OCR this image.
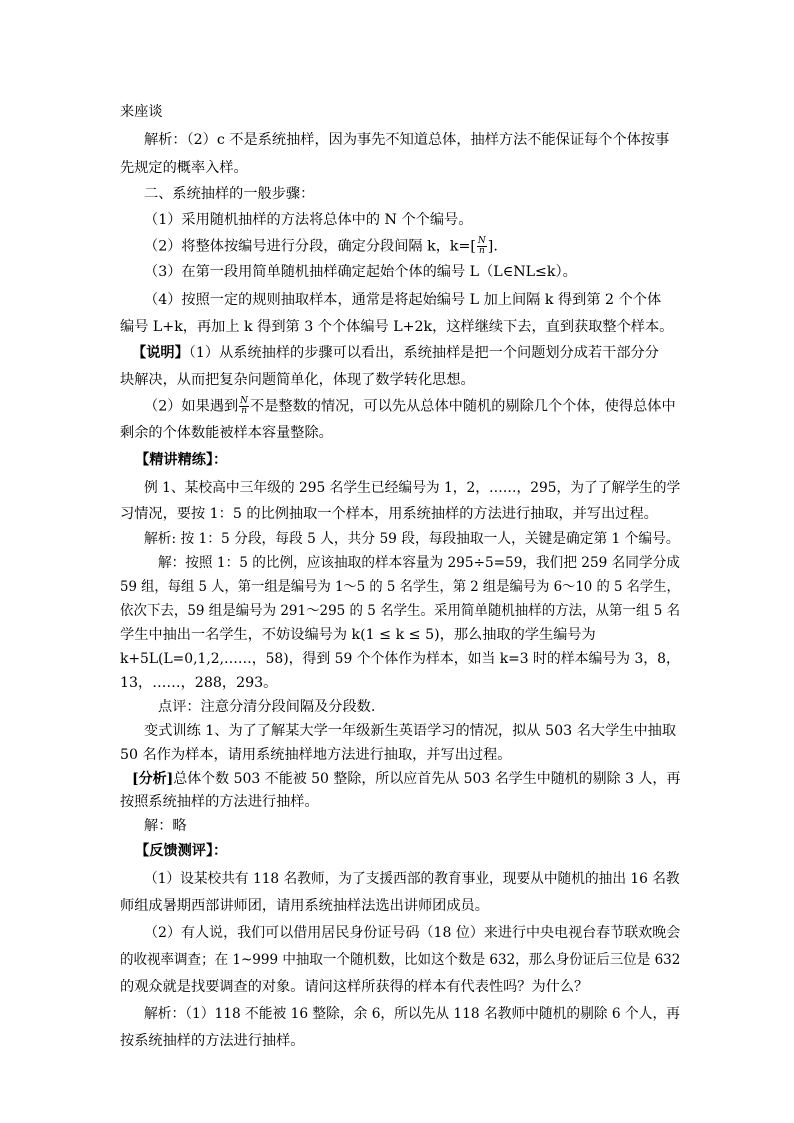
来座谈
解析：（2）c 不是系统抽样，因为事先不知道总体，抽样方法不能保证每个个体按事
先规定的概率入样。
二、系统抽样的一般步骤：
（1）采用随机抽样的方法将总体中的 N 个个编号。
（2）将整体按编号进行分段，确定分段间隔 k，$k=[ \frac{N}{n}$ ].
（3）在第一段用简单随机抽样确定起始个体的编号 L（L∈NL≤k）。
（4）按照一定的规则抽取样本，通常是将起始编号 L 加上间隔 k 得到第 2 个个体
编号 L+k，再加上 k 得到第 3 个个体编号 L+2k，这样继续下去，直到获取整个样本。
【说明】（1）从系统抽样的步骤可以看出，系统抽样是把一个问题划分成若干部分分
块解决，从而把复杂问题简单化，体现了数学转化思想。
（2）如果遇到 $\frac{N}{n}$ 不是整数的情况，可以先从总体中随机的剔除几个个体，使得总体中
剩余的个体数能被样本容量整除。
【精讲精练】：
例 1、某校高中三年级的 295 名学生已经编号为 1，2，……，295，为了了解学生的学
习情况，要按 1：5 的比例抽取一个样本，用系统抽样的方法进行抽取，并写出过程。
解析: 按 1：5 分段，每段 5 人，共分 59 段，每段抽取一人，关键是确定第 1 个编号。
解：按照 1：5 的比例，应该抽取的样本容量为 295÷5=59，我们把 259 名同学分成
59 组，每组 5 人，第一组是编号为 1～5 的 5 名学生，第 2 组是编号为 6～10 的 5 名学生，
依次下去，59 组是编号为 291～295 的 5 名学生。采用简单随机抽样的方法，从第一组 5 名
学生中抽出一名学生，不妨设编号为 k(1 ≤ k ≤ 5)，那么抽取的学生编号为
k+5L(L=0,1,2,……，58)，得到 59 个个体作为样本，如当 k=3 时的样本编号为 3，8，
13，……，288，293。
点评：注意分清分段间隔及分段数.
变式训练 1、为了了解某大学一年级新生英语学习的情况，拟从 503 名大学生中抽取
50 名作为样本，请用系统抽样地方法进行抽取，并写出过程。
[分析]总体个数 503 不能被 50 整除，所以应首先从 503 名学生中随机的剔除 3 人，再
按照系统抽样的方法进行抽样。
解：略
【反馈测评】：
（1）设某校共有 118 名教师，为了支援西部的教育事业，现要从中随机的抽出 16 名教
师组成暑期西部讲师团，请用系统抽样法选出讲师团成员。
（2）有人说，我们可以借用居民身份证号码（18 位）来进行中央电视台春节联欢晚会
的收视率调查；在 1~999 中抽取一个随机数，比如这个数是 632，那么身份证后三位是 632
的观众就是找要调查的对象。请问这样所获得的样本有代表性吗？为什么？
解析：（1）118 不能被 16 整除，余 6，所以先从 118 名教师中随机的剔除 6 个人，再
按系统抽样的方法进行抽样。
